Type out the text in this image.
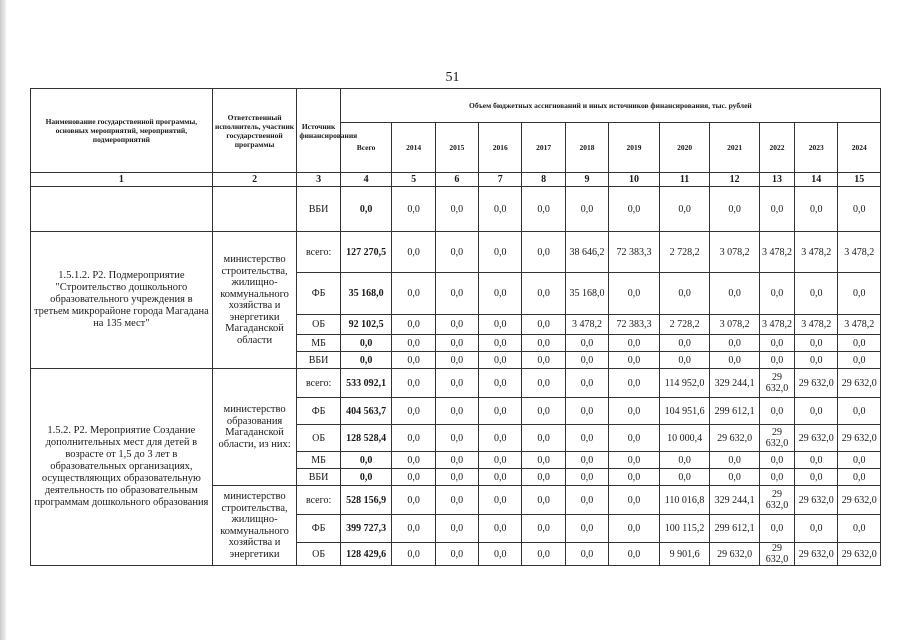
51
Наименование государственной программы, основных мероприятий, мероприятий, подмероприятий	Ответственный исполнитель, участник государственной программы	Источник финансирования	Объем бюджетных ассигнований и иных источников финансирования, тыс. рублей											
			Всего	2014	2015	2016	2017	2018	2019	2020	2021	2022	2023	2024
1	2	3	4	5	6	7	8	9	10	11	12	13	14	15
		ВБИ	0,0	0,0	0,0	0,0	0,0	0,0	0,0	0,0	0,0	0,0	0,0	0,0
1.5.1.2. Р2. Подмероприятие "Строительство дошкольного образовательного учреждения в третьем микрорайоне города Магадана на 135 мест"	министерство строительства, жилищно-коммунального хозяйства и энергетики Магаданской области	всего:	127 270,5	0,0	0,0	0,0	0,0	38 646,2	72 383,3	2 728,2	3 078,2	3 478,2	3 478,2	3 478,2
		ФБ	35 168,0	0,0	0,0	0,0	0,0	35 168,0	0,0	0,0	0,0	0,0	0,0	0,0
		ОБ	92 102,5	0,0	0,0	0,0	0,0	3 478,2	72 383,3	2 728,2	3 078,2	3 478,2	3 478,2	3 478,2
		МБ	0,0	0,0	0,0	0,0	0,0	0,0	0,0	0,0	0,0	0,0	0,0	0,0
		ВБИ	0,0	0,0	0,0	0,0	0,0	0,0	0,0	0,0	0,0	0,0	0,0	0,0
1.5.2. Р2. Мероприятие Создание дополнительных мест для детей в возрасте от 1,5 до 3 лет в образовательных организациях, осуществляющих образовательную деятельность по образовательным программам дошкольного образования	министерство образования Магаданской области, из них:	всего:	533 092,1	0,0	0,0	0,0	0,0	0,0	0,0	114 952,0	329 244,1	29 632,0	29 632,0	29 632,0
		ФБ	404 563,7	0,0	0,0	0,0	0,0	0,0	0,0	104 951,6	299 612,1	0,0	0,0	0,0
		ОБ	128 528,4	0,0	0,0	0,0	0,0	0,0	0,0	10 000,4	29 632,0	29 632,0	29 632,0	29 632,0
		МБ	0,0	0,0	0,0	0,0	0,0	0,0	0,0	0,0	0,0	0,0	0,0	0,0
		ВБИ	0,0	0,0	0,0	0,0	0,0	0,0	0,0	0,0	0,0	0,0	0,0	0,0
	министерство строительства, жилищно-коммунального хозяйства и энергетики	всего:	528 156,9	0,0	0,0	0,0	0,0	0,0	0,0	110 016,8	329 244,1	29 632,0	29 632,0	29 632,0
		ФБ	399 727,3	0,0	0,0	0,0	0,0	0,0	0,0	100 115,2	299 612,1	0,0	0,0	0,0
		ОБ	128 429,6	0,0	0,0	0,0	0,0	0,0	0,0	9 901,6	29 632,0	29 632,0	29 632,0	29 632,0
